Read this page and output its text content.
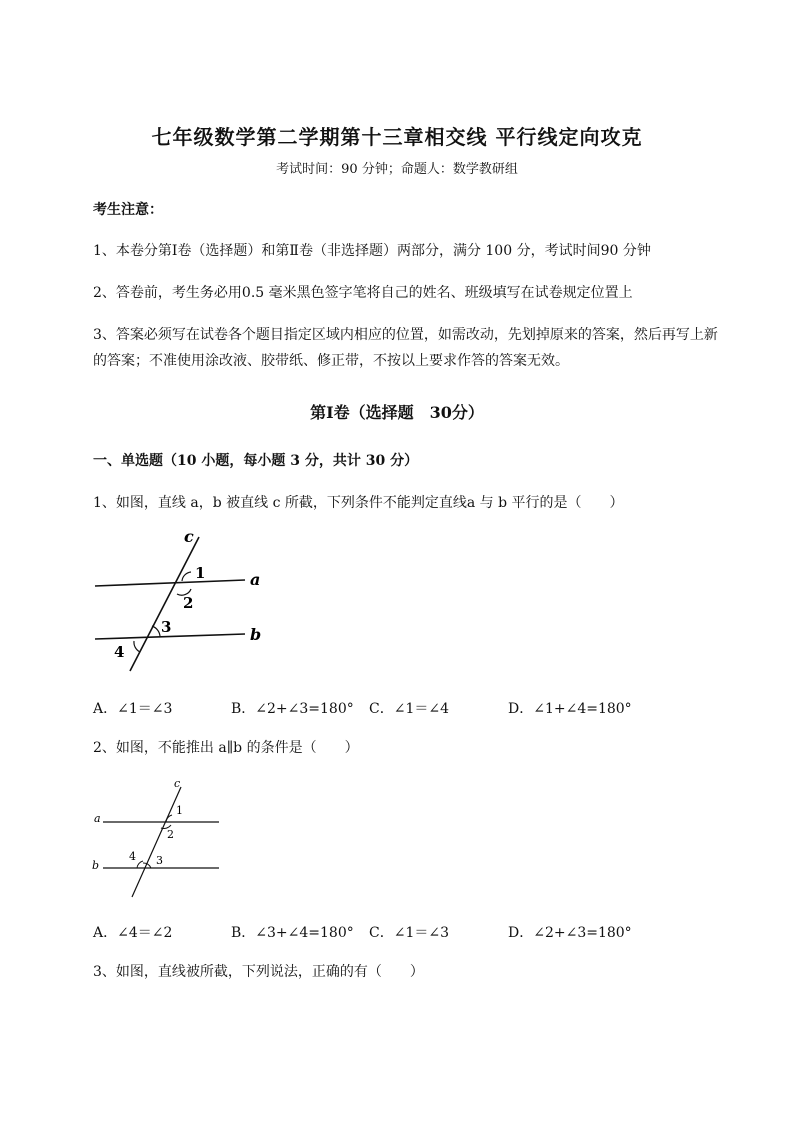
七年级数学第二学期第十三章相交线 平行线定向攻克
考试时间：90 分钟；命题人：数学教研组
考生注意：
1、本卷分第Ⅰ卷（选择题）和第Ⅱ卷（非选择题）两部分，满分 100 分，考试时间90 分钟
2、答卷前，考生务必用0.5 毫米黑色签字笔将自己的姓名、班级填写在试卷规定位置上
3、答案必须写在试卷各个题目指定区域内相应的位置，如需改动，先划掉原来的答案，然后再写上新
的答案；不准使用涂改液、胶带纸、修正带，不按以上要求作答的答案无效。
第Ⅰ卷（选择题　30分）
一、单选题（10 小题，每小题 3 分，共计 30 分）
1、如图，直线 a，b 被直线 c 所截，下列条件不能判定直线a 与 b 平行的是（　　）
c
a
b
1
2
3
4
A．∠1＝∠3	B．∠2+∠3=180° C．∠1＝∠4	D．∠1+∠4=180°
2、如图，不能推出 a∥b 的条件是（　　）
c
a
b
1
2
3
4
A．∠4＝∠2	B．∠3+∠4=180° C．∠1＝∠3	D．∠2+∠3=180°
3、如图，直线被所截，下列说法，正确的有（　　）
